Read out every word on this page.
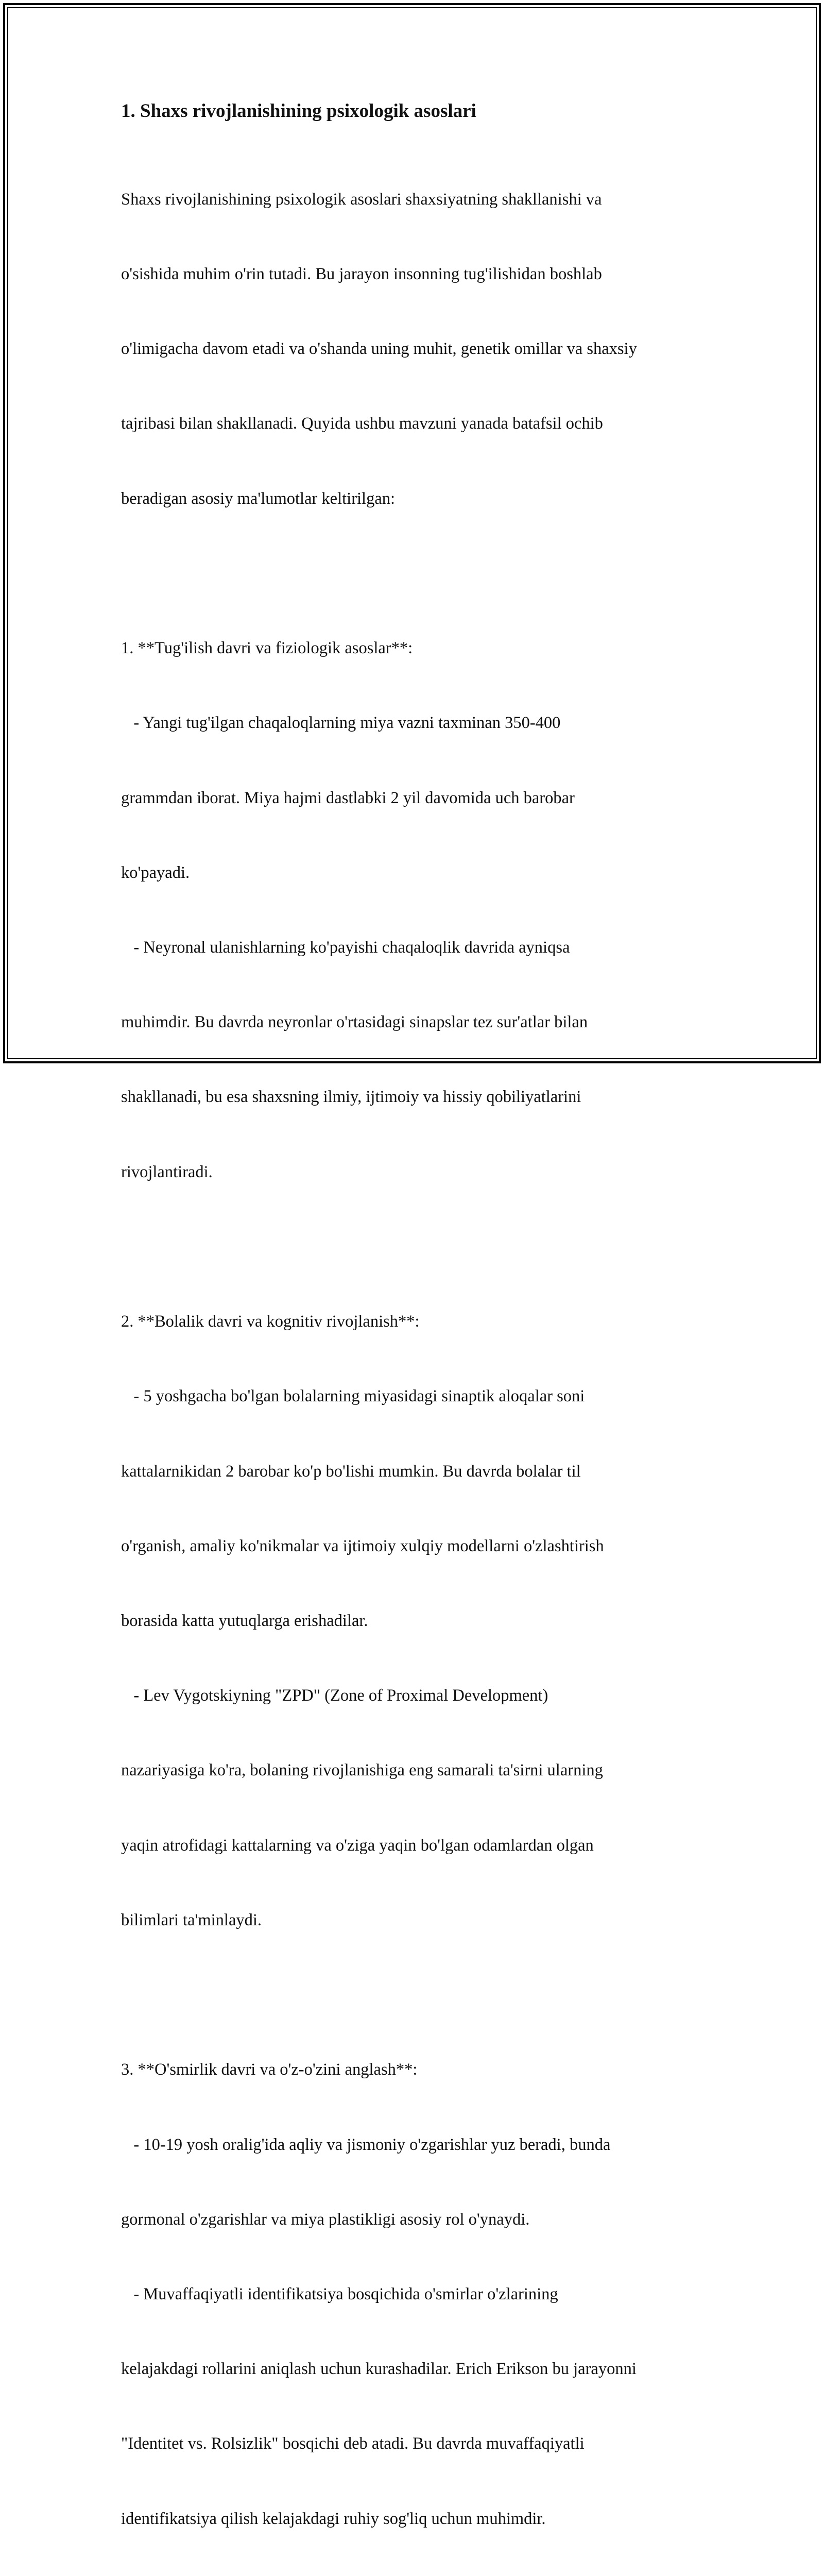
1. Shaxs rivojlanishining psixologik asoslari

Shaxs rivojlanishining psixologik asoslari shaxsiyatning shakllanishi va

o'sishida muhim o'rin tutadi. Bu jarayon insonning tug'ilishidan boshlab

o'limigacha davom etadi va o'shanda uning muhit, genetik omillar va shaxsiy

tajribasi bilan shakllanadi. Quyida ushbu mavzuni yanada batafsil ochib

beradigan asosiy ma'lumotlar keltirilgan:

1. **Tug'ilish davri va fiziologik asoslar**:

- Yangi tug'ilgan chaqaloqlarning miya vazni taxminan 350-400

grammdan iborat. Miya hajmi dastlabki 2 yil davomida uch barobar

ko'payadi.

- Neyronal ulanishlarning ko'payishi chaqaloqlik davrida ayniqsa

muhimdir. Bu davrda neyronlar o'rtasidagi sinapslar tez sur'atlar bilan

shakllanadi, bu esa shaxsning ilmiy, ijtimoiy va hissiy qobiliyatlarini

rivojlantiradi.

2. **Bolalik davri va kognitiv rivojlanish**:

- 5 yoshgacha bo'lgan bolalarning miyasidagi sinaptik aloqalar soni

kattalarnikidan 2 barobar ko'p bo'lishi mumkin. Bu davrda bolalar til

o'rganish, amaliy ko'nikmalar va ijtimoiy xulqiy modellarni o'zlashtirish

borasida katta yutuqlarga erishadilar.

- Lev Vygotskiyning "ZPD" (Zone of Proximal Development)

nazariyasiga ko'ra, bolaning rivojlanishiga eng samarali ta'sirni ularning

yaqin atrofidagi kattalarning va o'ziga yaqin bo'lgan odamlardan olgan

bilimlari ta'minlaydi.

3. **O'smirlik davri va o'z-o'zini anglash**:

- 10-19 yosh oralig'ida aqliy va jismoniy o'zgarishlar yuz beradi, bunda

gormonal o'zgarishlar va miya plastikligi asosiy rol o'ynaydi.

- Muvaffaqiyatli identifikatsiya bosqichida o'smirlar o'zlarining

kelajakdagi rollarini aniqlash uchun kurashadilar. Erich Erikson bu jarayonni

"Identitet vs. Rolsizlik" bosqichi deb atadi. Bu davrda muvaffaqiyatli

identifikatsiya qilish kelajakdagi ruhiy sog'liq uchun muhimdir.
